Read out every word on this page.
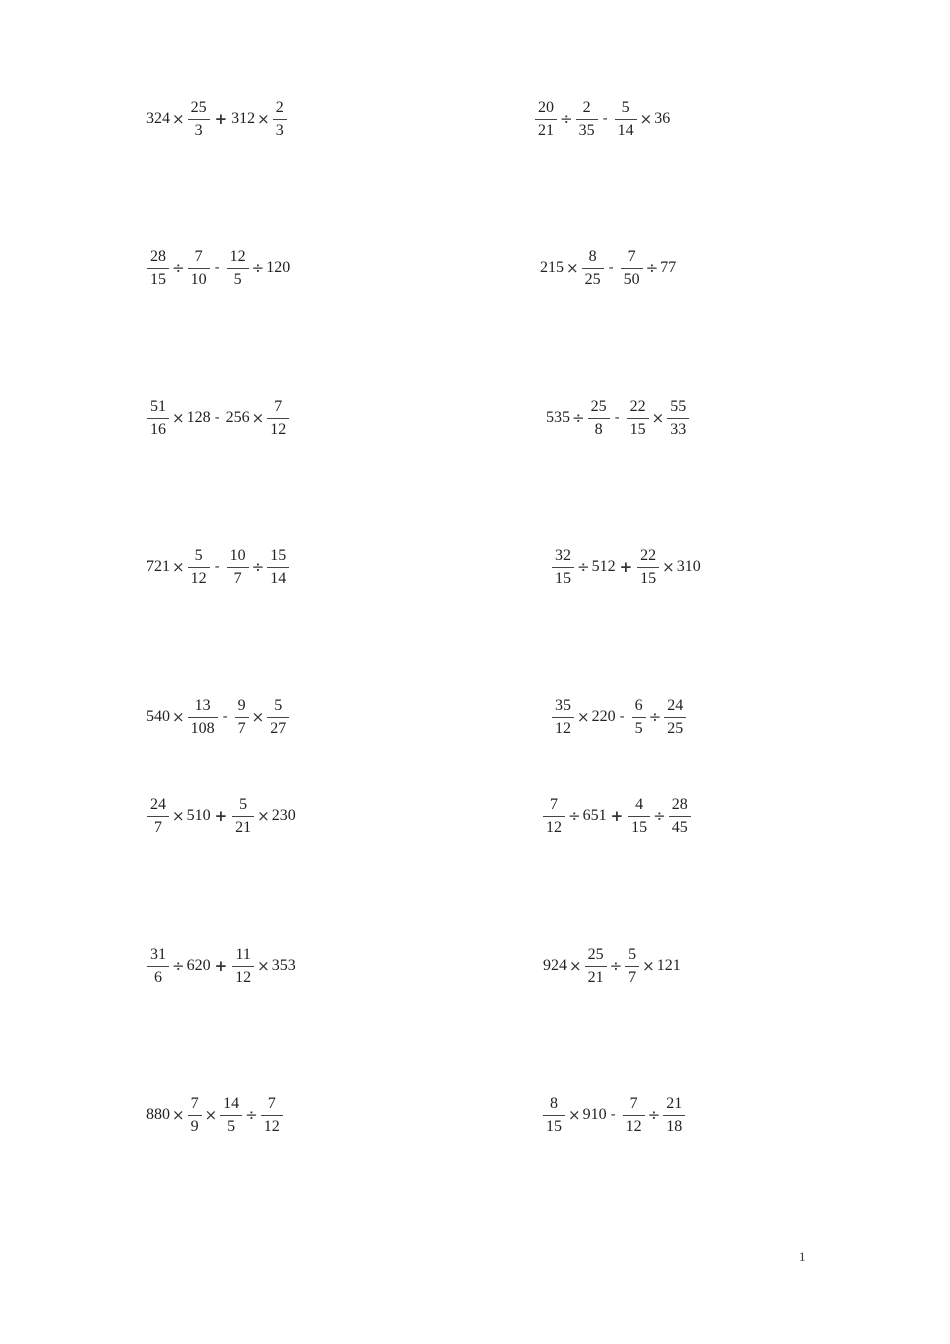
$324 \times \frac{25}{3} + 312 \times \frac{2}{3}$	$\frac{20}{21} \div \frac{2}{35} - \frac{5}{14} \times 36$
$\frac{28}{15} \div \frac{7}{10} - \frac{12}{5} \div 120$	$215 \times \frac{8}{25} - \frac{7}{50} \div 77$
$\frac{51}{16} \times 128 - 256 \times \frac{7}{12}$	$535 \div \frac{25}{8} - \frac{22}{15} \times \frac{55}{33}$
$721 \times \frac{5}{12} - \frac{10}{7} \div \frac{15}{14}$	$\frac{32}{15} \div 512 + \frac{22}{15} \times 310$
$540 \times \frac{13}{108} - \frac{9}{7} \times \frac{5}{27}$	$\frac{35}{12} \times 220 - \frac{6}{5} \div \frac{24}{25}$
$\frac{24}{7} \times 510 + \frac{5}{21} \times 230$	$\frac{7}{12} \div 651 + \frac{4}{15} \div \frac{28}{45}$
$\frac{31}{6} \div 620 + \frac{11}{12} \times 353$	$924 \times \frac{25}{21} \div \frac{5}{7} \times 121$
$880 \times \frac{7}{9} \times \frac{14}{5} \div \frac{7}{12}$	$\frac{8}{15} \times 910 - \frac{7}{12} \div \frac{21}{18}$
1
